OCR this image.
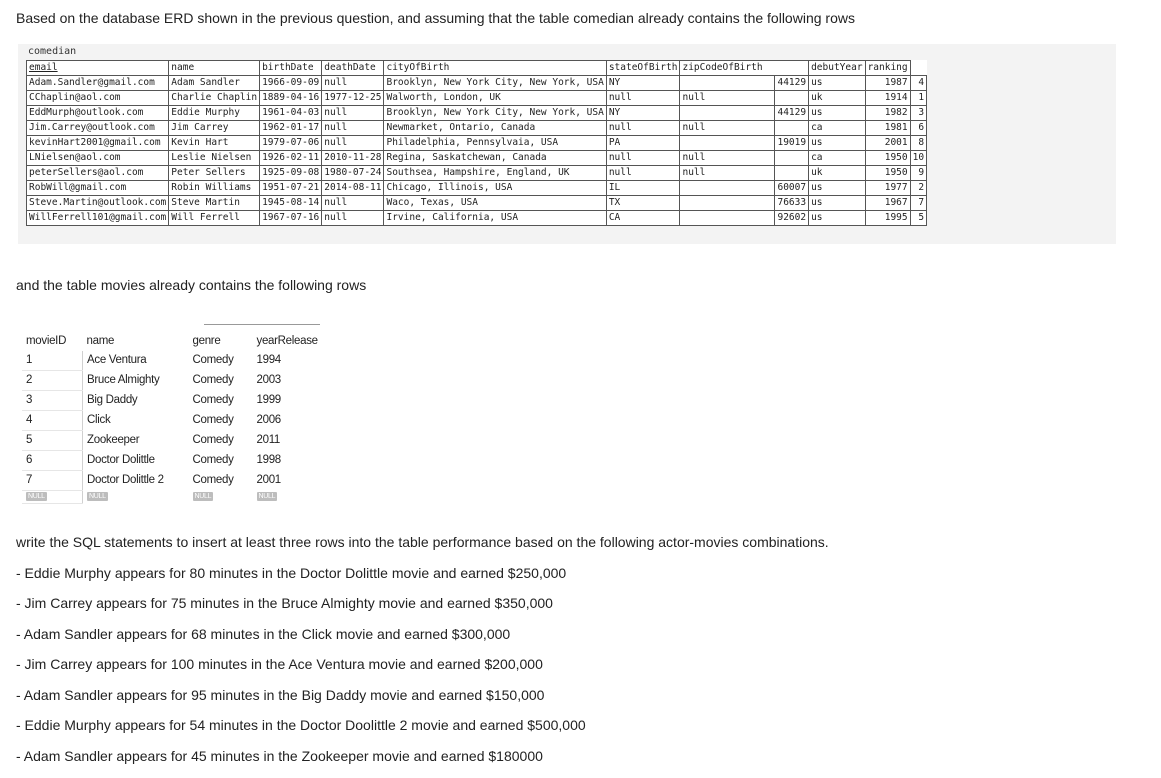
Based on the database ERD shown in the previous question, and assuming that the table comedian already contains the following rows
comedian
email	name	birthDate	deathDate	cityOfBirth	stateOfBirth	zipCodeOfBirth		debutYear	ranking	
Adam.Sandler@gmail.com	Adam Sandler	1966-09-09	null	Brooklyn, New York City, New York, USA	NY		44129	us	1987	4
CChaplin@aol.com	Charlie Chaplin	1889-04-16	1977-12-25	Walworth, London, UK	null	null		uk	1914	1
EddMurph@outlook.com	Eddie Murphy	1961-04-03	null	Brooklyn, New York City, New York, USA	NY		44129	us	1982	3
Jim.Carrey@outlook.com	Jim Carrey	1962-01-17	null	Newmarket, Ontario, Canada	null	null		ca	1981	6
kevinHart2001@gmail.com	Kevin Hart	1979-07-06	null	Philadelphia, Pennsylvaia, USA	PA		19019	us	2001	8
LNielsen@aol.com	Leslie Nielsen	1926-02-11	2010-11-28	Regina, Saskatchewan, Canada	null	null		ca	1950	10
peterSellers@aol.com	Peter Sellers	1925-09-08	1980-07-24	Southsea, Hampshire, England, UK	null	null		uk	1950	9
RobWill@gmail.com	Robin Williams	1951-07-21	2014-08-11	Chicago, Illinois, USA	IL		60007	us	1977	2
Steve.Martin@outlook.com	Steve Martin	1945-08-14	null	Waco, Texas, USA	TX		76633	us	1967	7
WillFerrell101@gmail.com	Will Ferrell	1967-07-16	null	Irvine, California, USA	CA		92602	us	1995	5
and the table movies already contains the following rows
movieID	name	genre	yearRelease
1	Ace Ventura	Comedy	1994
2	Bruce Almighty	Comedy	2003
3	Big Daddy	Comedy	1999
4	Click	Comedy	2006
5	Zookeeper	Comedy	2011
6	Doctor Dolittle	Comedy	1998
7	Doctor Dolittle 2	Comedy	2001
NULL	NULL	NULL	NULL
write the SQL statements to insert at least three rows into the table performance based on the following actor-movies combinations.
- Eddie Murphy appears for 80 minutes in the Doctor Dolittle movie and earned $250,000
- Jim Carrey appears for 75 minutes in the Bruce Almighty movie and earned $350,000
- Adam Sandler appears for 68 minutes in the Click movie and earned $300,000
- Jim Carrey appears for 100 minutes in the Ace Ventura movie and earned $200,000
- Adam Sandler appears for 95 minutes in the Big Daddy movie and earned $150,000
- Eddie Murphy appears for 54 minutes in the Doctor Doolittle 2 movie and earned $500,000
- Adam Sandler appears for 45 minutes in the Zookeeper movie and earned $180000
